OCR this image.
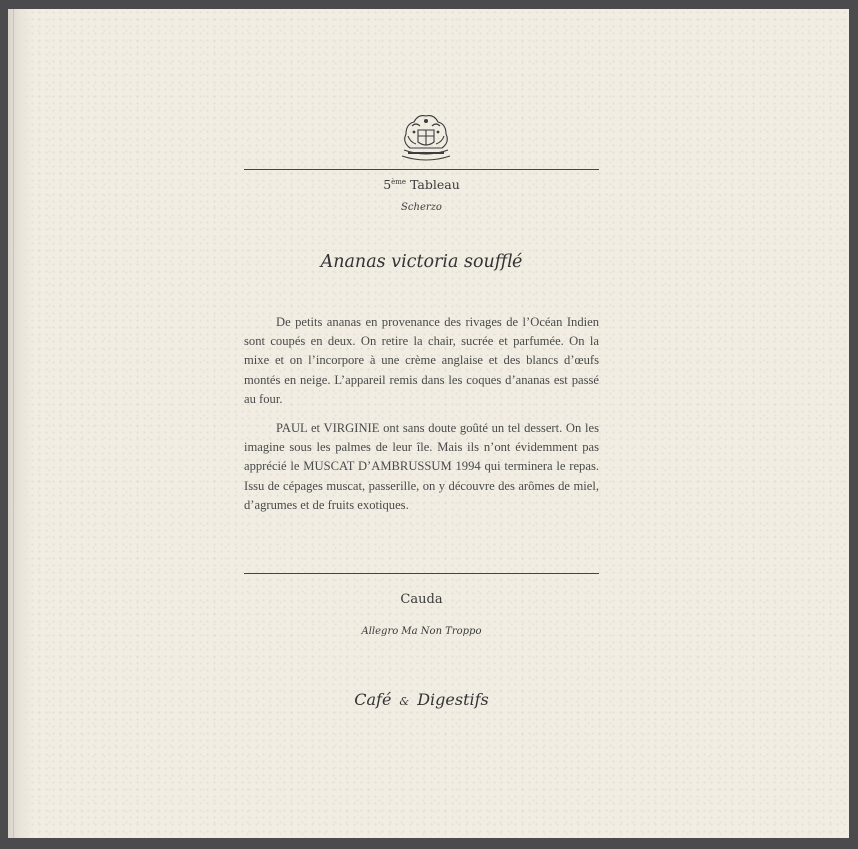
5ème Tableau
Scherzo
Ananas victoria soufflé

De petits ananas en provenance des rivages de l’Océan Indien sont coupés en deux. On retire la chair, sucrée et parfumée. On la mixe et on l’incorpore à une crème anglaise et des blancs d’œufs montés en neige. L’appareil remis dans les coques d’ananas est passé au four.

PAUL et VIRGINIE ont sans doute goûté un tel dessert. On les imagine sous les palmes de leur île. Mais ils n’ont évidemment pas apprécié le MUSCAT D’AMBRUSSUM 1994 qui terminera le repas. Issu de cépages muscat, passerille, on y découvre des arômes de miel, d’agrumes et de fruits exotiques.

Cauda
Allegro Ma Non Troppo
Café & Digestifs
